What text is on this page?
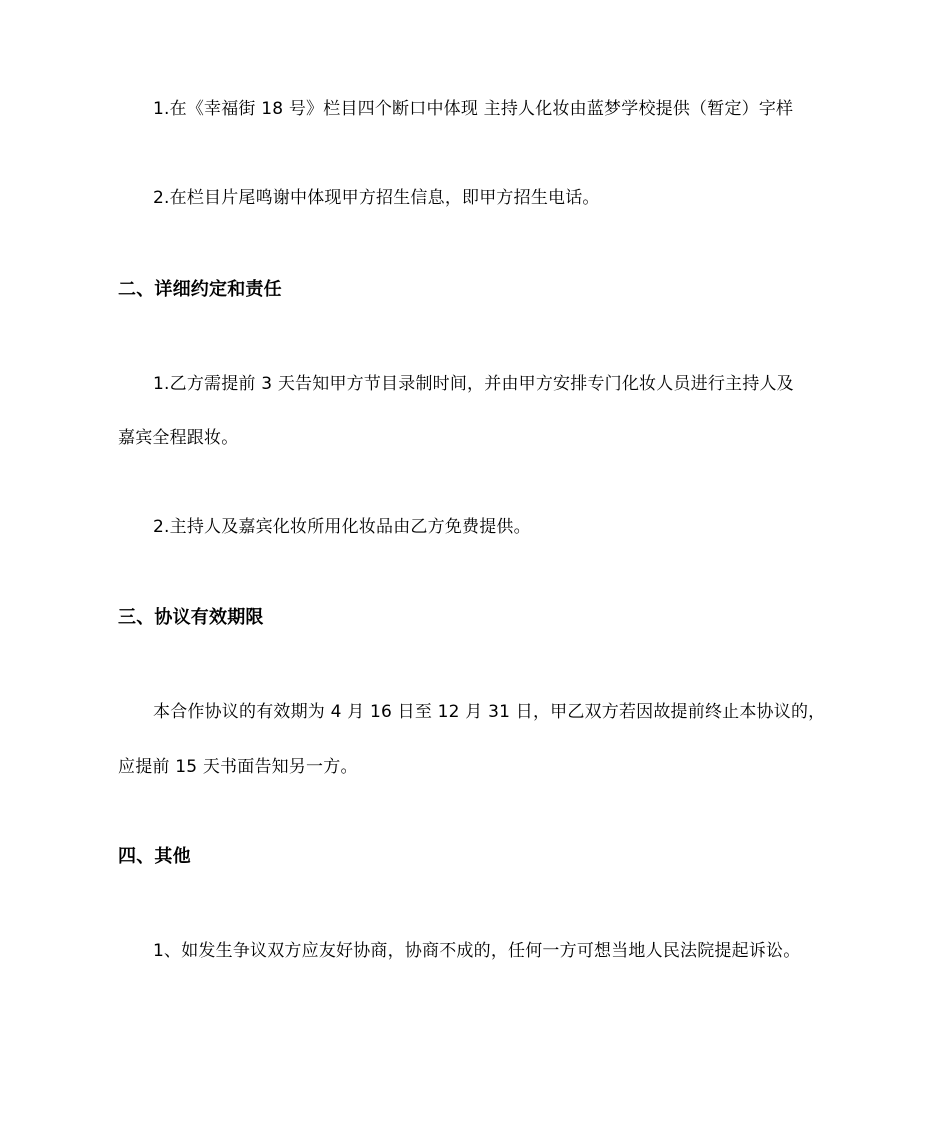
1.在《幸福街 18 号》栏目四个断口中体现 主持人化妆由蓝梦学校提供（暂定）字样
2.在栏目片尾鸣谢中体现甲方招生信息，即甲方招生电话。
二、详细约定和责任
1.乙方需提前 3 天告知甲方节目录制时间，并由甲方安排专门化妆人员进行主持人及
嘉宾全程跟妆。
2.主持人及嘉宾化妆所用化妆品由乙方免费提供。
三、协议有效期限
本合作协议的有效期为 4 月 16 日至 12 月 31 日，甲乙双方若因故提前终止本协议的，
应提前 15 天书面告知另一方。
四、其他
1、如发生争议双方应友好协商，协商不成的，任何一方可想当地人民法院提起诉讼。
